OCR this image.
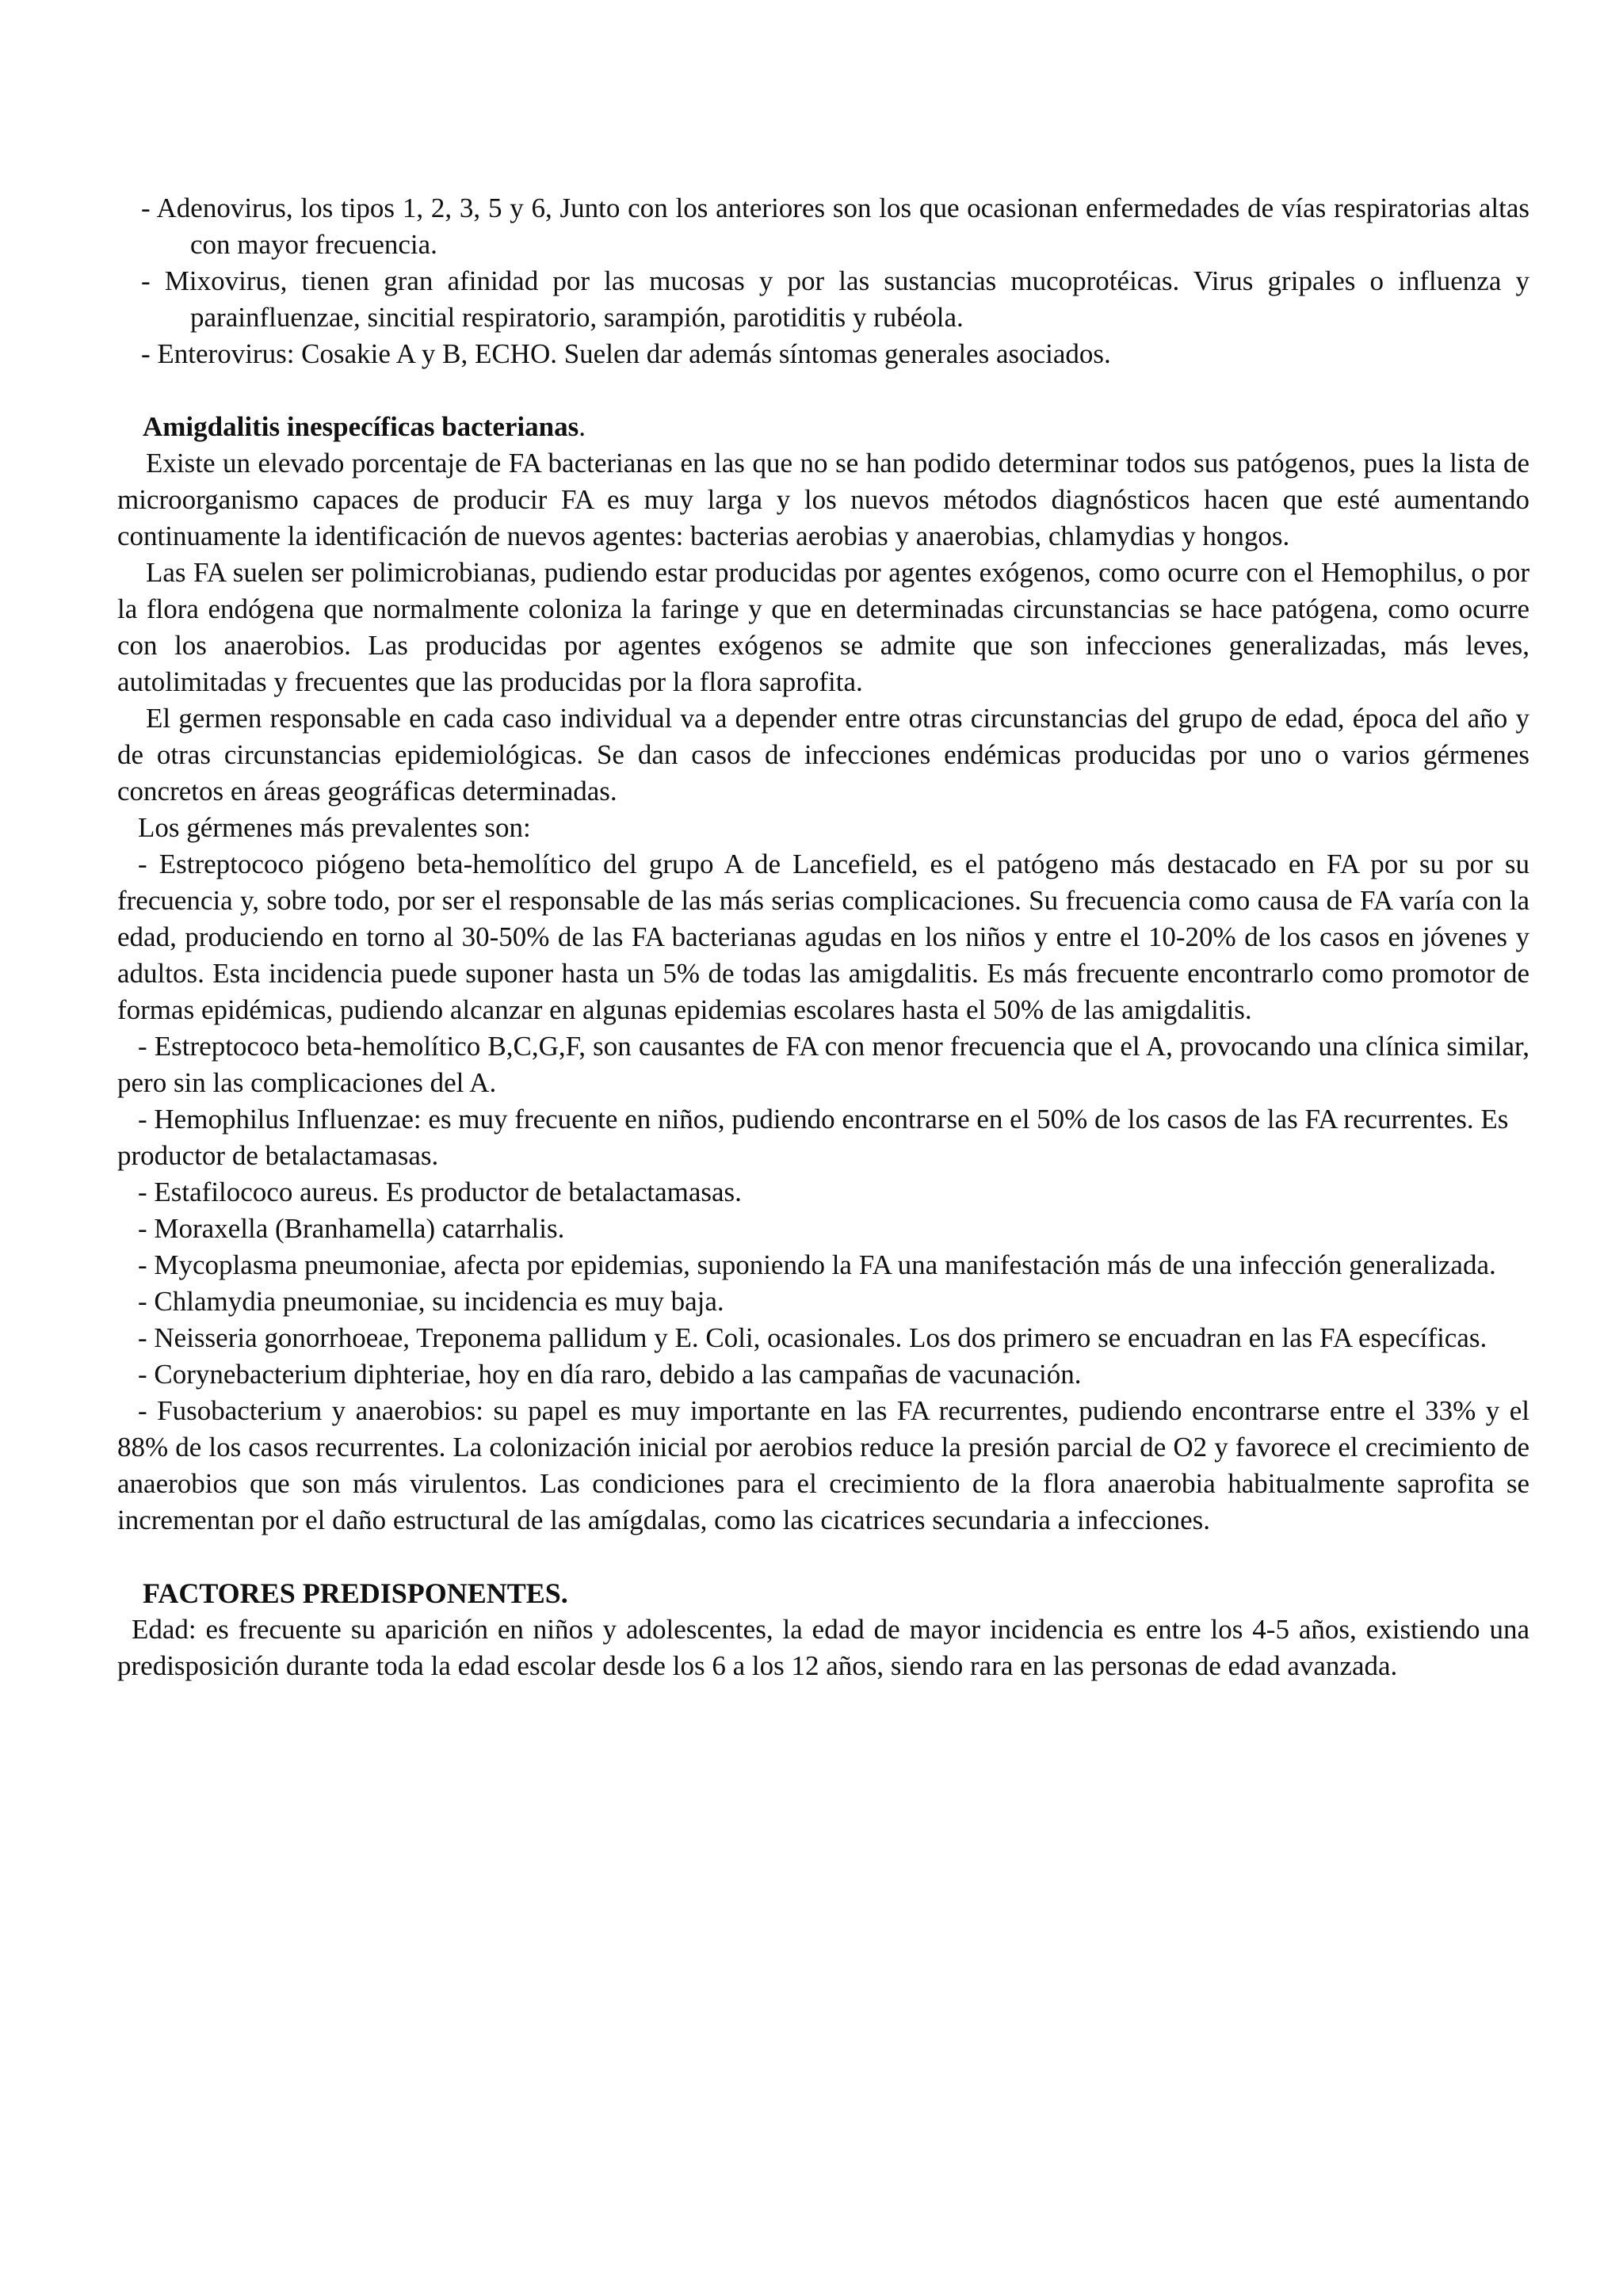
- Adenovirus, los tipos 1, 2, 3, 5 y 6, Junto con los anteriores son los que ocasionan enfermedades de vías respiratorias altas con mayor frecuencia.

- Mixovirus, tienen gran afinidad por las mucosas y por las sustancias mucoprotéicas. Virus gripales o influenza y parainfluenzae, sincitial respiratorio, sarampión, parotiditis y rubéola.

- Enterovirus: Cosakie A y B, ECHO. Suelen dar además síntomas generales asociados.

Amigdalitis inespecíficas bacterianas.

Existe un elevado porcentaje de FA bacterianas en las que no se han podido determinar todos sus patógenos, pues la lista de microorganismo capaces de producir FA es muy larga y los nuevos métodos diagnósticos hacen que esté aumentando continuamente la identificación de nuevos agentes: bacterias aerobias y anaerobias, chlamydias y hongos.

Las FA suelen ser polimicrobianas, pudiendo estar producidas por agentes exógenos, como ocurre con el Hemophilus, o por la flora endógena que normalmente coloniza la faringe y que en determinadas circunstancias se hace patógena, como ocurre con los anaerobios. Las producidas por agentes exógenos se admite que son infecciones generalizadas, más leves, autolimitadas y frecuentes que las producidas por la flora saprofita.

El germen responsable en cada caso individual va a depender entre otras circunstancias del grupo de edad, época del año y de otras circunstancias epidemiológicas. Se dan casos de infecciones endémicas producidas por uno o varios gérmenes concretos en áreas geográficas determinadas.

Los gérmenes más prevalentes son:

- Estreptococo piógeno beta-hemolítico del grupo A de Lancefield, es el patógeno más destacado en FA por su por su frecuencia y, sobre todo, por ser el responsable de las más serias complicaciones. Su frecuencia como causa de FA varía con la edad, produciendo en torno al 30-50% de las FA bacterianas agudas en los niños y entre el 10-20% de los casos en jóvenes y adultos. Esta incidencia puede suponer hasta un 5% de todas las amigdalitis. Es más frecuente encontrarlo como promotor de formas epidémicas, pudiendo alcanzar en algunas epidemias escolares hasta el 50% de las amigdalitis.

- Estreptococo beta-hemolítico B,C,G,F, son causantes de FA con menor frecuencia que el A, provocando una clínica similar, pero sin las complicaciones del A.

- Hemophilus Influenzae: es muy frecuente en niños, pudiendo encontrarse en el 50% de los casos de las FA recurrentes. Es productor de betalactamasas.

- Estafilococo aureus. Es productor de betalactamasas.

- Moraxella (Branhamella) catarrhalis.

- Mycoplasma pneumoniae, afecta por epidemias, suponiendo la FA una manifestación más de una infección generalizada.

- Chlamydia pneumoniae, su incidencia es muy baja.

- Neisseria gonorrhoeae, Treponema pallidum y E. Coli, ocasionales. Los dos primero se encuadran en las FA específicas.

- Corynebacterium diphteriae, hoy en día raro, debido a las campañas de vacunación.

- Fusobacterium y anaerobios: su papel es muy importante en las FA recurrentes, pudiendo encontrarse entre el 33% y el 88% de los casos recurrentes. La colonización inicial por aerobios reduce la presión parcial de O2 y favorece el crecimiento de anaerobios que son más virulentos. Las condiciones para el crecimiento de la flora anaerobia habitualmente saprofita se incrementan por el daño estructural de las amígdalas, como las cicatrices secundaria a infecciones.

FACTORES PREDISPONENTES.

Edad: es frecuente su aparición en niños y adolescentes, la edad de mayor incidencia es entre los 4-5 años, existiendo una predisposición durante toda la edad escolar desde los 6 a los 12 años, siendo rara en las personas de edad avanzada.
